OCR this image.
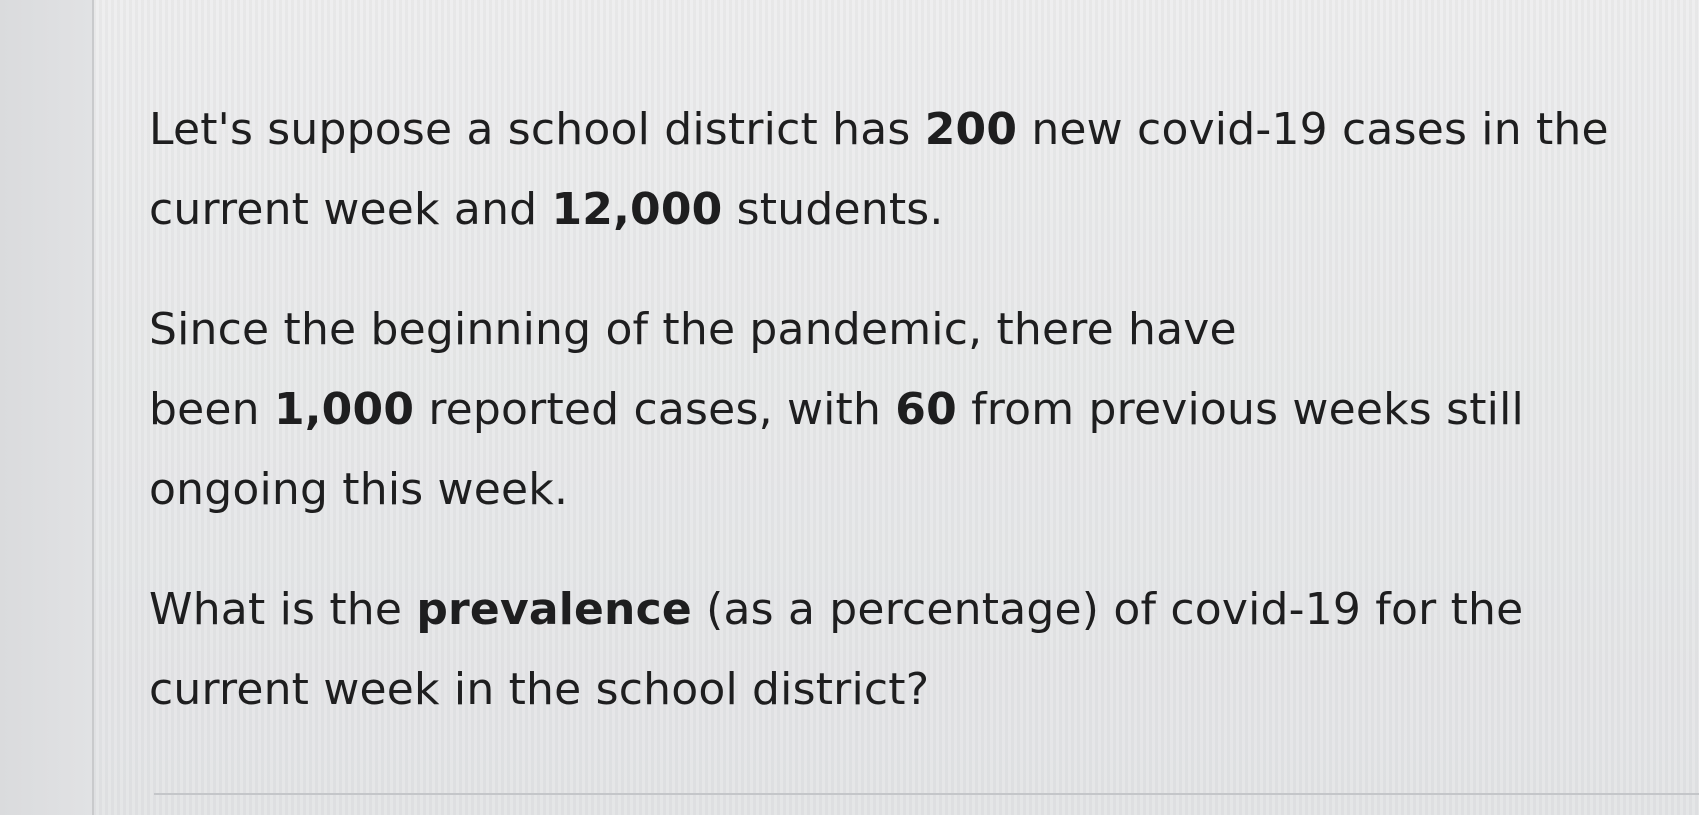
Let's suppose a school district has 200 new covid-19 cases in the current week and 12,000 students.

Since the beginning of the pandemic, there have
been 1,000 reported cases, with 60 from previous weeks still ongoing this week.

What is the prevalence (as a percentage) of covid-19 for the current week in the school district?
